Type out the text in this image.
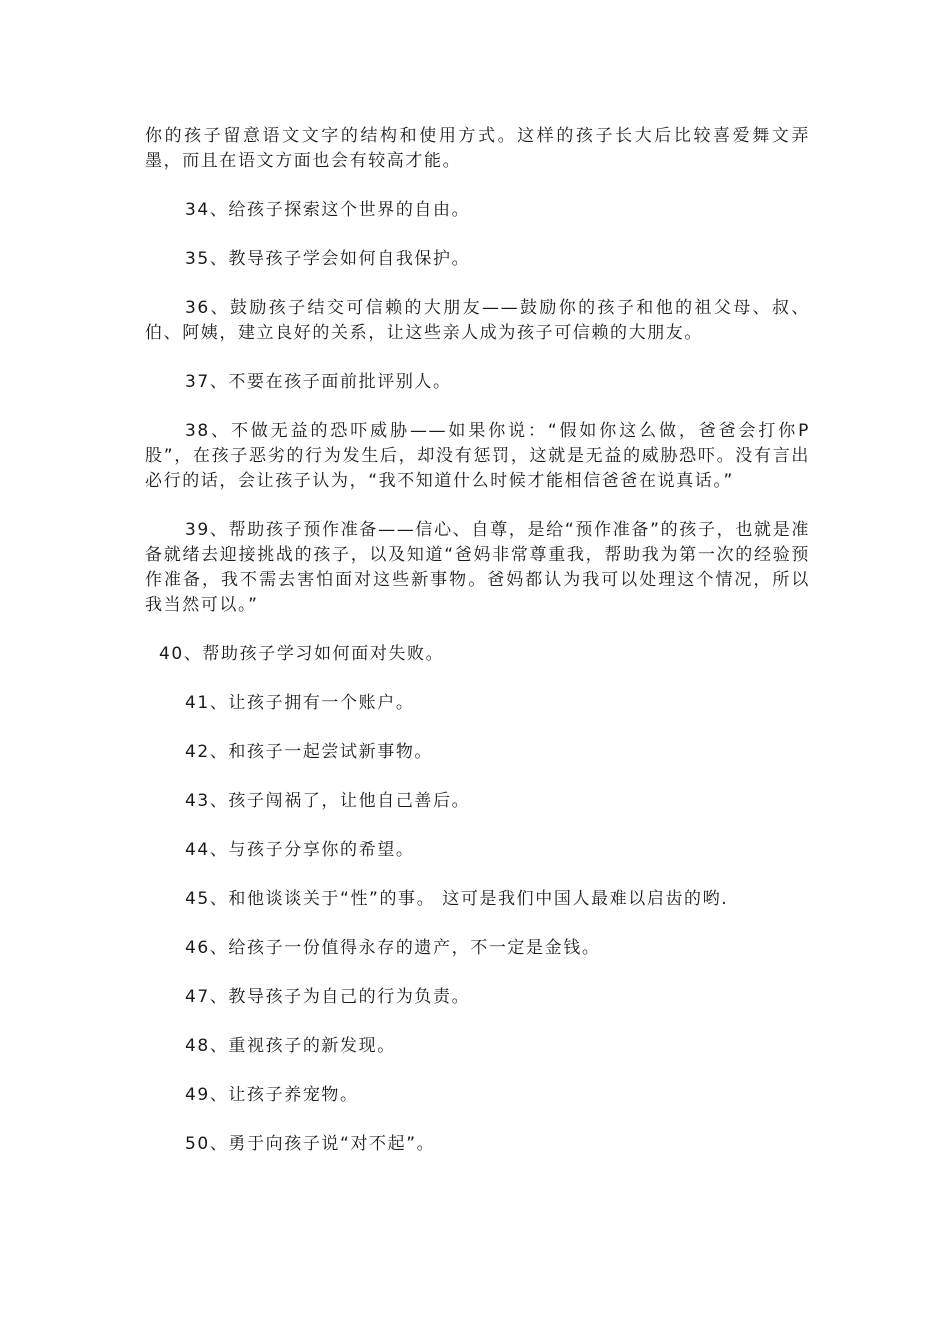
你的孩子留意语文文字的结构和使用方式。这样的孩子长大后比较喜爱舞文弄墨，而且在语文方面也会有较高才能。

34、给孩子探索这个世界的自由。

35、教导孩子学会如何自我保护。

36、鼓励孩子结交可信赖的大朋友——鼓励你的孩子和他的祖父母、叔、伯、阿姨，建立良好的关系，让这些亲人成为孩子可信赖的大朋友。

37、不要在孩子面前批评别人。

38、不做无益的恐吓威胁——如果你说：“假如你这么做，爸爸会打你P股”，在孩子恶劣的行为发生后，却没有惩罚，这就是无益的威胁恐吓。没有言出必行的话，会让孩子认为，“我不知道什么时候才能相信爸爸在说真话。”

39、帮助孩子预作准备——信心、自尊，是给“预作准备”的孩子，也就是准备就绪去迎接挑战的孩子，以及知道“爸妈非常尊重我，帮助我为第一次的经验预作准备，我不需去害怕面对这些新事物。爸妈都认为我可以处理这个情况，所以我当然可以。”

40、帮助孩子学习如何面对失败。

41、让孩子拥有一个账户。

42、和孩子一起尝试新事物。

43、孩子闯祸了，让他自己善后。

44、与孩子分享你的希望。

45、和他谈谈关于“性”的事。 这可是我们中国人最难以启齿的哟.

46、给孩子一份值得永存的遗产，不一定是金钱。

47、教导孩子为自己的行为负责。

48、重视孩子的新发现。

49、让孩子养宠物。

50、勇于向孩子说“对不起”。
